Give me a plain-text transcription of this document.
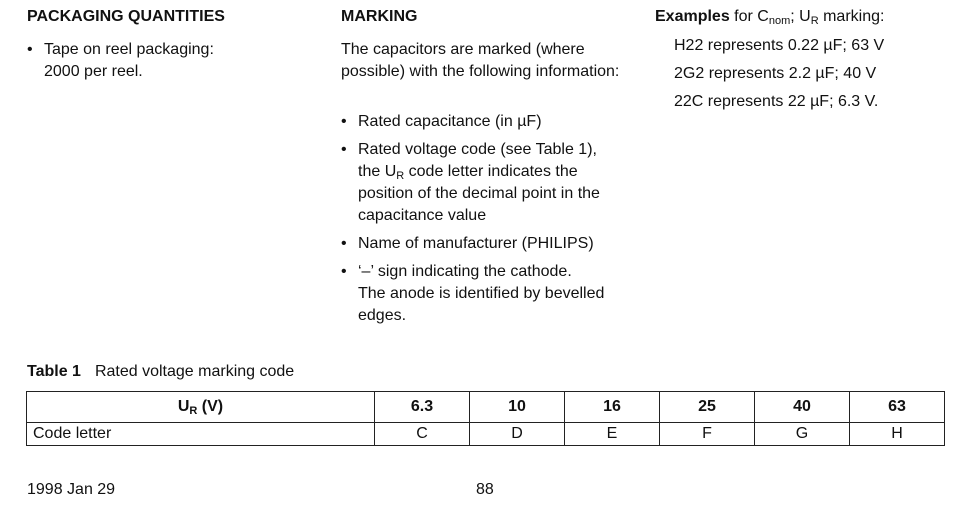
PACKAGING QUANTITIES
• Tape on reel packaging:
2000 per reel.
MARKING
The capacitors are marked (where possible) with the following information:
• Rated capacitance (in µF)
• Rated voltage code (see Table 1),
the UR code letter indicates the
position of the decimal point in the
capacitance value
• Name of manufacturer (PHILIPS)
• ‘–’ sign indicating the cathode.
The anode is identified by bevelled
edges.
Examples for $C_{nom}$; $U_R$ marking:
H22 represents 0.22 µF; 63 V
2G2 represents 2.2 µF; 40 V
22C represents 22 µF; 6.3 V.
Table 1 Rated voltage marking code
UR (V)	6.3	10	16	25	40	63
Code letter	C	D	E	F	G	H
1998 Jan 29	88
